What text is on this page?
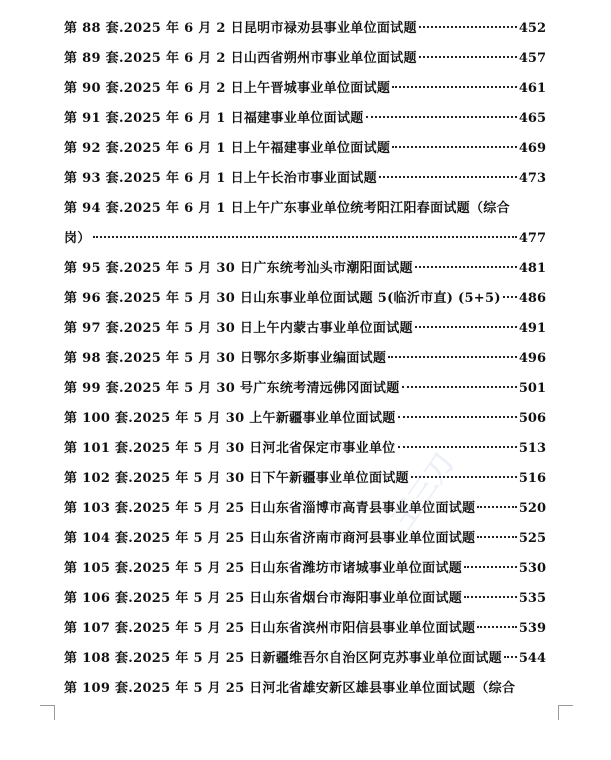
第 88 套.2025 年 6 月 2 日昆明市禄劝县事业单位面试题	452
第 89 套.2025 年 6 月 2 日山西省朔州市事业单位面试题	457
第 90 套.2025 年 6 月 2 日上午晋城事业单位面试题	461
第 91 套.2025 年 6 月 1 日福建事业单位面试题	465
第 92 套.2025 年 6 月 1 日上午福建事业单位面试题	469
第 93 套.2025 年 6 月 1 日上午长治市事业面试题	473
第 94 套.2025 年 6 月 1 日上午广东事业单位统考阳江阳春面试题（综合
岗）	477
第 95 套.2025 年 5 月 30 日广东统考汕头市潮阳面试题	481
第 96 套.2025 年 5 月 30 日山东事业单位面试题 5(临沂市直) (5+5) 486
第 97 套.2025 年 5 月 30 日上午内蒙古事业单位面试题	491
第 98 套.2025 年 5 月 30 日鄂尔多斯事业编面试题	496
第 99 套.2025 年 5 月 30 号广东统考清远佛冈面试题	501
第 100 套.2025 年 5 月 30 上午新疆事业单位面试题	506
第 101 套.2025 年 5 月 30 日河北省保定市事业单位	513
第 102 套.2025 年 5 月 30 日下午新疆事业单位面试题	516
第 103 套.2025 年 5 月 25 日山东省淄博市高青县事业单位面试题	520
第 104 套.2025 年 5 月 25 日山东省济南市商河县事业单位面试题	525
第 105 套.2025 年 5 月 25 日山东省潍坊市诸城事业单位面试题	530
第 106 套.2025 年 5 月 25 日山东省烟台市海阳事业单位面试题	535
第 107 套.2025 年 5 月 25 日山东省滨州市阳信县事业单位面试题	539
第 108 套.2025 年 5 月 25 日新疆维吾尔自治区阿克苏事业单位面试题 544
第 109 套.2025 年 5 月 25 日河北省雄安新区雄县事业单位面试题（综合
王三刀
